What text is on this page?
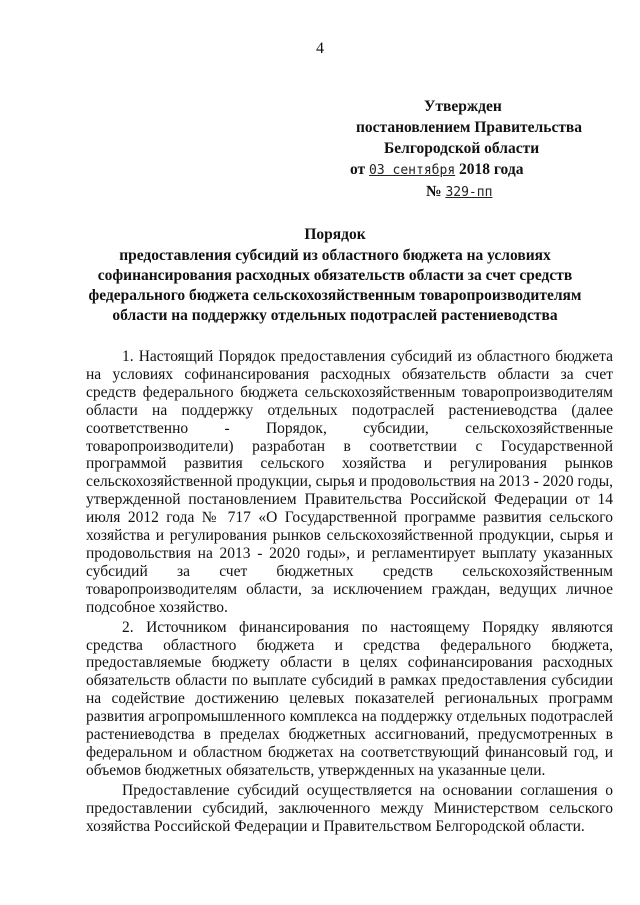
4
Утвержден
постановлением Правительства
Белгородской области
от 03 сентября 2018 года
№ 329-пп
Порядок
предоставления субсидий из областного бюджета на условиях софинансирования расходных обязательств области за счет средств федерального бюджета сельскохозяйственным товаропроизводителям области на поддержку отдельных подотраслей растениеводства

1. Настоящий Порядок предоставления субсидий из областного бюджета на условиях софинансирования расходных обязательств области за счет средств федерального бюджета сельскохозяйственным товаропроизводителям области на поддержку отдельных подотраслей растениеводства (далее соответственно - Порядок, субсидии, сельскохозяйственные товаропроизводители) разработан в соответствии с Государственной программой развития сельского хозяйства и регулирования рынков сельскохозяйственной продукции, сырья и продовольствия на 2013 - 2020 годы, утвержденной постановлением Правительства Российской Федерации от 14 июля 2012 года № 717 «О Государственной программе развития сельского хозяйства и регулирования рынков сельскохозяйственной продукции, сырья и продовольствия на 2013 - 2020 годы», и регламентирует выплату указанных субсидий за счет бюджетных средств сельскохозяйственным товаропроизводителям области, за исключением граждан, ведущих личное подсобное хозяйство.

2. Источником финансирования по настоящему Порядку являются средства областного бюджета и средства федерального бюджета, предоставляемые бюджету области в целях софинансирования расходных обязательств области по выплате субсидий в рамках предоставления субсидии на содействие достижению целевых показателей региональных программ развития агропромышленного комплекса на поддержку отдельных подотраслей растениеводства в пределах бюджетных ассигнований, предусмотренных в федеральном и областном бюджетах на соответствующий финансовый год, и объемов бюджетных обязательств, утвержденных на указанные цели.

Предоставление субсидий осуществляется на основании соглашения о предоставлении субсидий, заключенного между Министерством сельского хозяйства Российской Федерации и Правительством Белгородской области.
